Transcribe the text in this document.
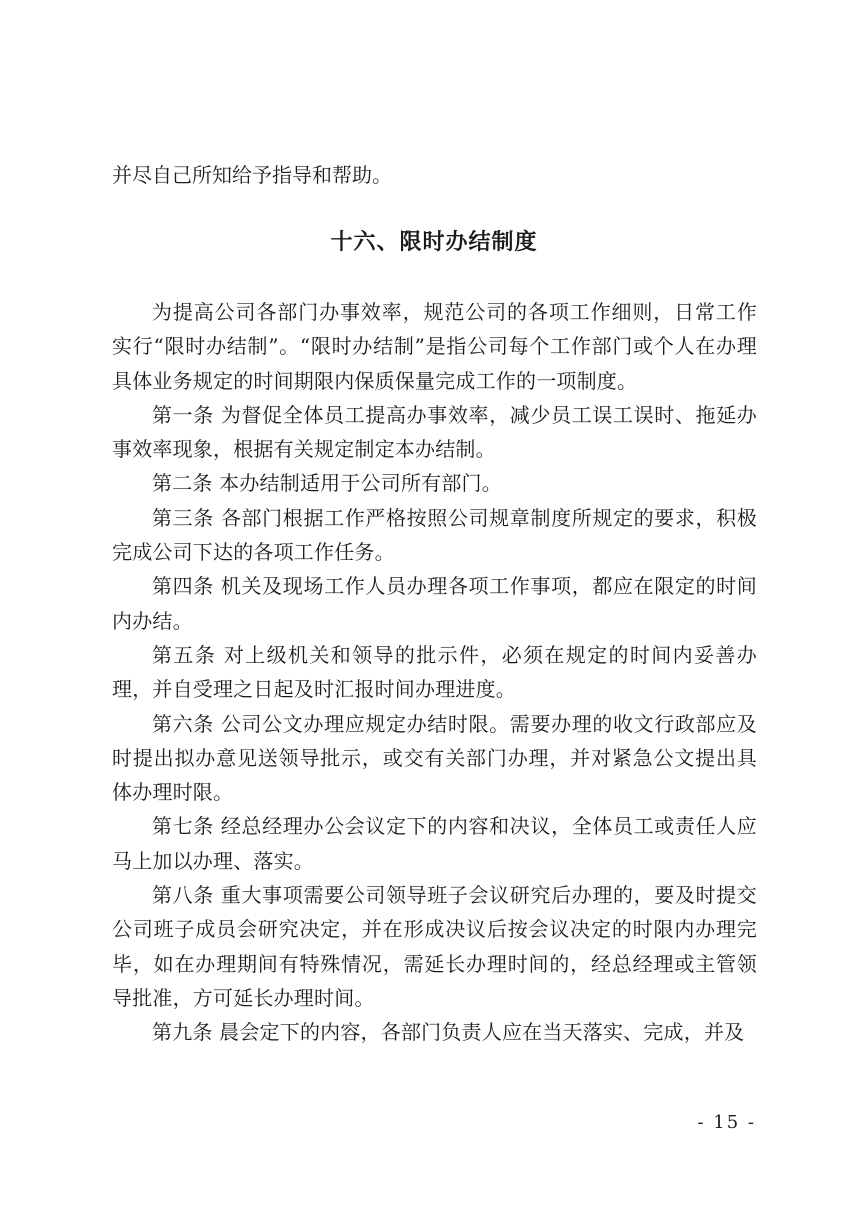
并尽自己所知给予指导和帮助。

十六、限时办结制度

为提高公司各部门办事效率，规范公司的各项工作细则，日常工作实行“限时办结制”。“限时办结制”是指公司每个工作部门或个人在办理具体业务规定的时间期限内保质保量完成工作的一项制度。

第一条 为督促全体员工提高办事效率，减少员工误工误时、拖延办事效率现象，根据有关规定制定本办结制。

第二条 本办结制适用于公司所有部门。

第三条 各部门根据工作严格按照公司规章制度所规定的要求，积极完成公司下达的各项工作任务。

第四条 机关及现场工作人员办理各项工作事项，都应在限定的时间内办结。

第五条 对上级机关和领导的批示件，必须在规定的时间内妥善办理，并自受理之日起及时汇报时间办理进度。

第六条 公司公文办理应规定办结时限。需要办理的收文行政部应及时提出拟办意见送领导批示，或交有关部门办理，并对紧急公文提出具体办理时限。

第七条 经总经理办公会议定下的内容和决议，全体员工或责任人应马上加以办理、落实。

第八条 重大事项需要公司领导班子会议研究后办理的，要及时提交公司班子成员会研究决定，并在形成决议后按会议决定的时限内办理完毕，如在办理期间有特殊情况，需延长办理时间的，经总经理或主管领导批准，方可延长办理时间。

第九条 晨会定下的内容，各部门负责人应在当天落实、完成，并及

- 15 -
